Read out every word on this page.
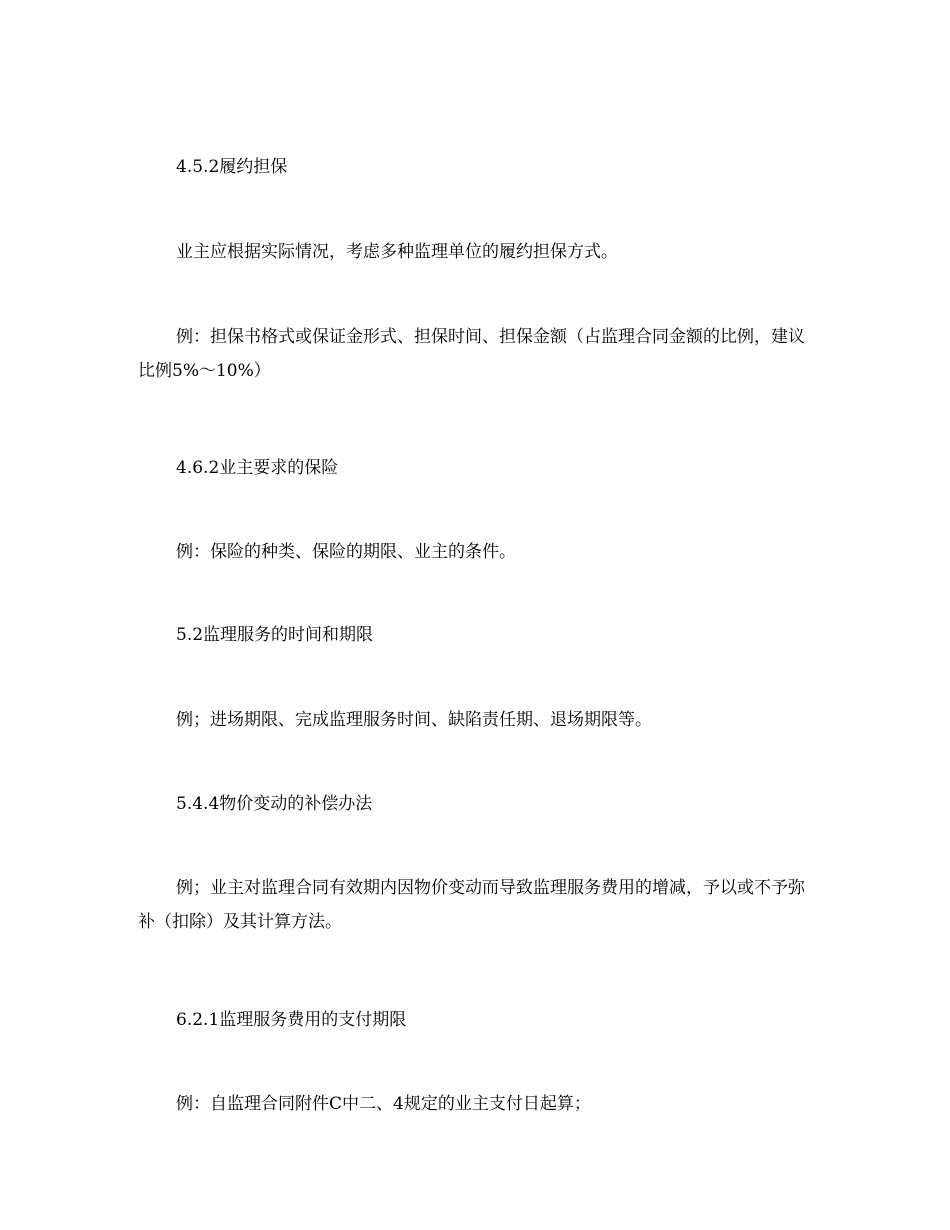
4.5.2履约担保
业主应根据实际情况，考虑多种监理单位的履约担保方式。
例：担保书格式或保证金形式、担保时间、担保金额（占监理合同金额的比例，建议比例5%～10%）
4.6.2业主要求的保险
例：保险的种类、保险的期限、业主的条件。
5.2监理服务的时间和期限
例；进场期限、完成监理服务时间、缺陷责任期、退场期限等。
5.4.4物价变动的补偿办法
例；业主对监理合同有效期内因物价变动而导致监理服务费用的增减，予以或不予弥补（扣除）及其计算方法。
6.2.1监理服务费用的支付期限
例：自监理合同附件C中二、4规定的业主支付日起算；
